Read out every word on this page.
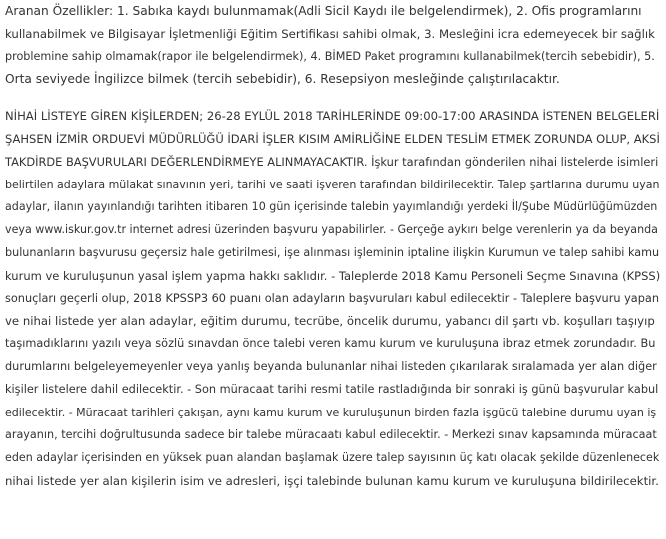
Aranan Özellikler: 1. Sabıka kaydı bulunmamak(Adli Sicil Kaydı ile belgelendirmek), 2. Ofis programlarını
kullanabilmek ve Bilgisayar İşletmenliği Eğitim Sertifikası sahibi olmak, 3. Mesleğini icra edemeyecek bir sağlık
problemine sahip olmamak(rapor ile belgelendirmek), 4. BİMED Paket programını kullanabilmek(tercih sebebidir), 5.
Orta seviyede İngilizce bilmek (tercih sebebidir), 6. Resepsiyon mesleğinde çalıştırılacaktır.

NİHAİ LİSTEYE GİREN KİŞİLERDEN; 26-28 EYLÜL 2018 TARİHLERİNDE 09:00-17:00 ARASINDA İSTENEN BELGELERİ
ŞAHSEN İZMİR ORDUEVİ MÜDÜRLÜĞÜ İDARİ İŞLER KISIM AMİRLİĞİNE ELDEN TESLİM ETMEK ZORUNDA OLUP, AKSİ
TAKDİRDE BAŞVURULARI DEĞERLENDİRMEYE ALINMAYACAKTIR. İşkur tarafından gönderilen nihai listelerde isimleri
belirtilen adaylara mülakat sınavının yeri, tarihi ve saati işveren tarafından bildirilecektir. Talep şartlarına durumu uyan
adaylar, ilanın yayınlandığı tarihten itibaren 10 gün içerisinde talebin yayımlandığı yerdeki İl/Şube Müdürlüğümüzden
veya www.iskur.gov.tr internet adresi üzerinden başvuru yapabilirler. - Gerçeğe aykırı belge verenlerin ya da beyanda
bulunanların başvurusu geçersiz hale getirilmesi, işe alınması işleminin iptaline ilişkin Kurumun ve talep sahibi kamu
kurum ve kuruluşunun yasal işlem yapma hakkı saklıdır. - Taleplerde 2018 Kamu Personeli Seçme Sınavına (KPSS)
sonuçları geçerli olup, 2018 KPSSP3 60 puanı olan adayların başvuruları kabul edilecektir - Taleplere başvuru yapan
ve nihai listede yer alan adaylar, eğitim durumu, tecrübe, öncelik durumu, yabancı dil şartı vb. koşulları taşıyıp
taşımadıklarını yazılı veya sözlü sınavdan önce talebi veren kamu kurum ve kuruluşuna ibraz etmek zorundadır. Bu
durumlarını belgeleyemeyenler veya yanlış beyanda bulunanlar nihai listeden çıkarılarak sıralamada yer alan diğer
kişiler listelere dahil edilecektir. - Son müracaat tarihi resmi tatile rastladığında bir sonraki iş günü başvurular kabul
edilecektir. - Müracaat tarihleri çakışan, aynı kamu kurum ve kuruluşunun birden fazla işgücü talebine durumu uyan iş
arayanın, tercihi doğrultusunda sadece bir talebe müracaatı kabul edilecektir. - Merkezi sınav kapsamında müracaat
eden adaylar içerisinden en yüksek puan alandan başlamak üzere talep sayısının üç katı olacak şekilde düzenlenecek
nihai listede yer alan kişilerin isim ve adresleri, işçi talebinde bulunan kamu kurum ve kuruluşuna bildirilecektir.
